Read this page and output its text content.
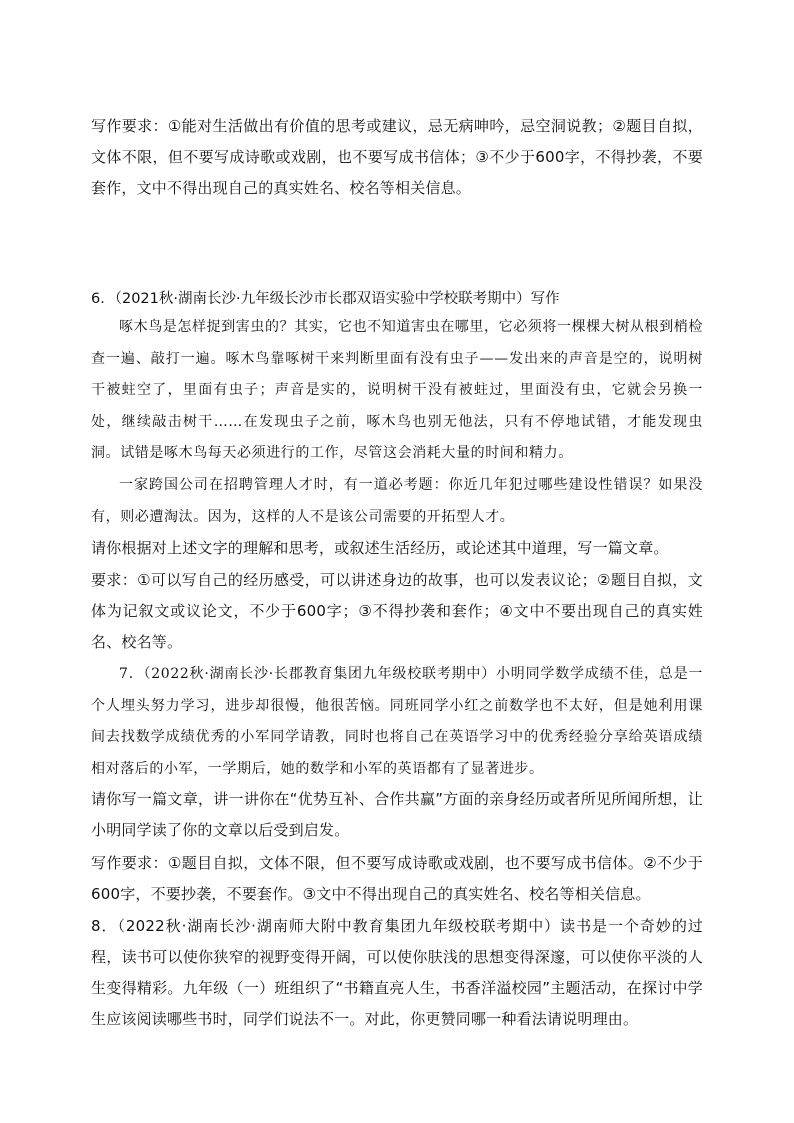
写作要求：①能对生活做出有价值的思考或建议，忌无病呻吟，忌空洞说教；②题目自拟，文体不限，但不要写成诗歌或戏剧，也不要写成书信体；③不少于600字，不得抄袭，不要套作，文中不得出现自己的真实姓名、校名等相关信息。

6．（2021秋·湖南长沙·九年级长沙市长郡双语实验中学校联考期中）写作

啄木鸟是怎样捉到害虫的？其实，它也不知道害虫在哪里，它必须将一棵棵大树从根到梢检查一遍、敲打一遍。啄木鸟靠啄树干来判断里面有没有虫子——发出来的声音是空的，说明树干被蛀空了，里面有虫子；声音是实的，说明树干没有被蛀过，里面没有虫，它就会另换一处，继续敲击树干……在发现虫子之前，啄木鸟也别无他法，只有不停地试错，才能发现虫洞。试错是啄木鸟每天必须进行的工作，尽管这会消耗大量的时间和精力。

一家跨国公司在招聘管理人才时，有一道必考题：你近几年犯过哪些建设性错误？如果没有，则必遭淘汰。因为，这样的人不是该公司需要的开拓型人才。

请你根据对上述文字的理解和思考，或叙述生活经历，或论述其中道理，写一篇文章。

要求：①可以写自己的经历感受，可以讲述身边的故事，也可以发表议论；②题目自拟，文体为记叙文或议论文，不少于600字；③不得抄袭和套作；④文中不要出现自己的真实姓名、校名等。

7．（2022秋·湖南长沙·长郡教育集团九年级校联考期中）小明同学数学成绩不佳，总是一个人埋头努力学习，进步却很慢，他很苦恼。同班同学小红之前数学也不太好，但是她利用课间去找数学成绩优秀的小军同学请教，同时也将自己在英语学习中的优秀经验分享给英语成绩相对落后的小军，一学期后，她的数学和小军的英语都有了显著进步。

请你写一篇文章，讲一讲你在“优势互补、合作共赢”方面的亲身经历或者所见所闻所想，让小明同学读了你的文章以后受到启发。

写作要求：①题目自拟，文体不限，但不要写成诗歌或戏剧，也不要写成书信体。②不少于600字，不要抄袭，不要套作。③文中不得出现自己的真实姓名、校名等相关信息。

8．（2022秋·湖南长沙·湖南师大附中教育集团九年级校联考期中）读书是一个奇妙的过程，读书可以使你狭窄的视野变得开阔，可以使你肤浅的思想变得深邃，可以使你平淡的人生变得精彩。九年级（一）班组织了“书籍直亮人生，书香洋溢校园”主题活动，在探讨中学生应该阅读哪些书时，同学们说法不一。对此，你更赞同哪一种看法请说明理由。
